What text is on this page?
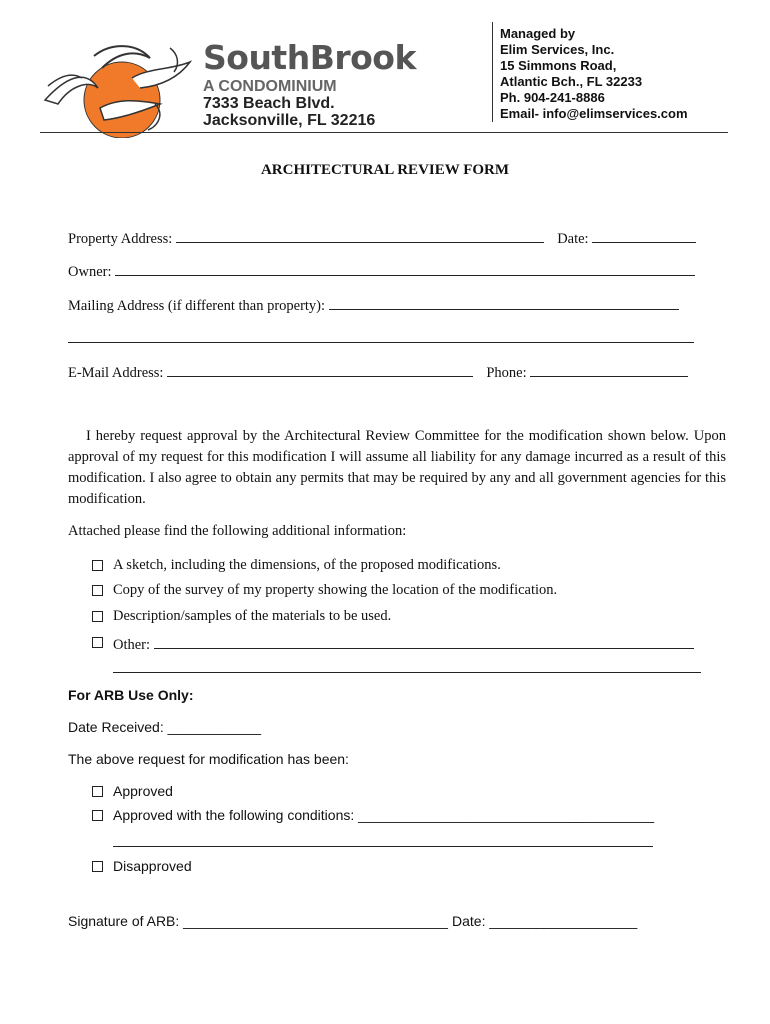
SouthBrook
A CONDOMINIUM
7333 Beach Blvd.
Jacksonville, FL 32216
Managed by
Elim Services, Inc.
15 Simmons Road,
Atlantic Bch., FL 32233
Ph. 904-241-8886
Email- info@elimservices.com
ARCHITECTURAL REVIEW FORM
Property Address:	Date:
Owner:
Mailing Address (if different than property):
E-Mail Address:	Phone:
I hereby request approval by the Architectural Review Committee for the modification shown below. Upon approval of my request for this modification I will assume all liability for any damage incurred as a result of this modification. I also agree to obtain any permits that may be required by any and all government agencies for this modification.
Attached please find the following additional information:
A sketch, including the dimensions, of the proposed modifications.
Copy of the survey of my property showing the location of the modification.
Description/samples of the materials to be used.
Other:
For ARB Use Only:
Date Received: ____________
The above request for modification has been:
Approved
Approved with the following conditions: ______________________________________
Disapproved
Signature of ARB: __________________________________ Date: ___________________
